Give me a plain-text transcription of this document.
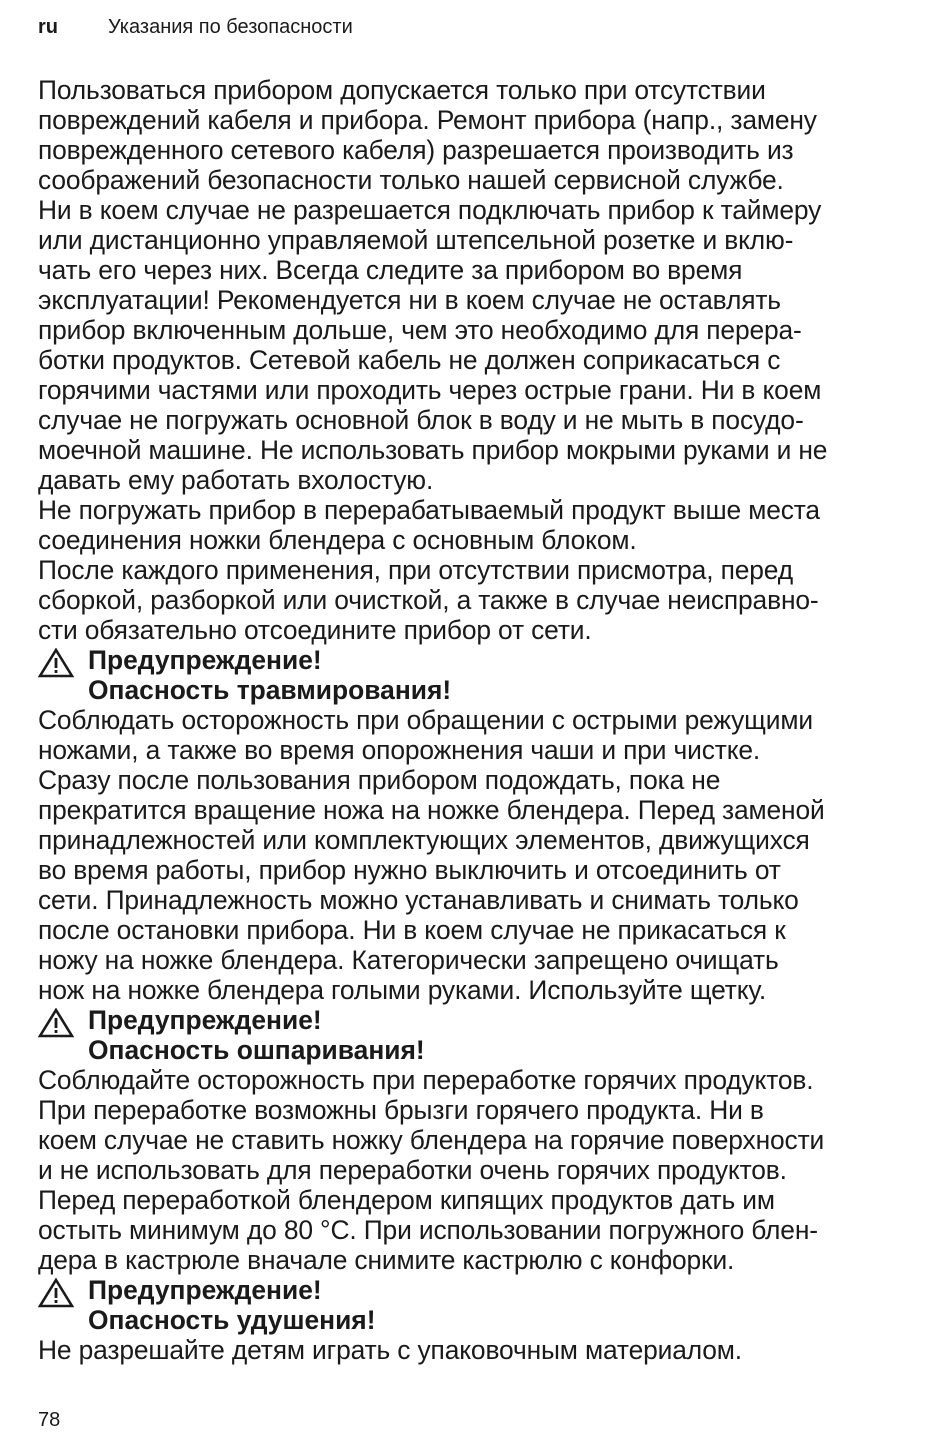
ru	Указания по безопасности

Пользоваться прибором допускается только при отсутствии
повреждений кабеля и прибора. Ремонт прибора (напр., замену
поврежденного сетевого кабеля) разрешается производить из
соображений безопасности только нашей сервисной службе.

Ни в коем случае не разрешается подключать прибор к таймеру
или дистанционно управляемой штепсельной розетке и вклю-
чать его через них. Всегда следите за прибором во время
эксплуатации! Рекомендуется ни в коем случае не оставлять
прибор включенным дольше, чем это необходимо для перера-
ботки продуктов. Сетевой кабель не должен соприкасаться с
горячими частями или проходить через острые грани. Ни в коем
случае не погружать основной блок в воду и не мыть в посудо-
моечной машине. Не использовать прибор мокрыми руками и не
давать ему работать вхолостую.

Не погружать прибор в перерабатываемый продукт выше места
соединения ножки блендера с основным блоком.

После каждого применения, при отсутствии присмотра, перед
сборкой, разборкой или очисткой, а также в случае неисправно-
сти обязательно отсоедините прибор от сети.

Предупреждение!
Опасность травмирования!

Соблюдать осторожность при обращении с острыми режущими
ножами, а также во время опорожнения чаши и при чистке.
Сразу после пользования прибором подождать, пока не
прекратится вращение ножа на ножке блендера. Перед заменой
принадлежностей или комплектующих элементов, движущихся
во время работы, прибор нужно выключить и отсоединить от
сети. Принадлежность можно устанавливать и снимать только
после остановки прибора. Ни в коем случае не прикасаться к
ножу на ножке блендера. Категорически запрещено очищать
нож на ножке блендера голыми руками. Используйте щетку.

Предупреждение!
Опасность ошпаривания!

Соблюдайте осторожность при переработке горячих продуктов.
При переработке возможны брызги горячего продукта. Ни в
коем случае не ставить ножку блендера на горячие поверхности
и не использовать для переработки очень горячих продуктов.
Перед переработкой блендером кипящих продуктов дать им
остыть минимум до 80 °С. При использовании погружного блен-
дера в кастрюле вначале снимите кастрюлю с конфорки.

Предупреждение!
Опасность удушения!

Не разрешайте детям играть с упаковочным материалом.

78
